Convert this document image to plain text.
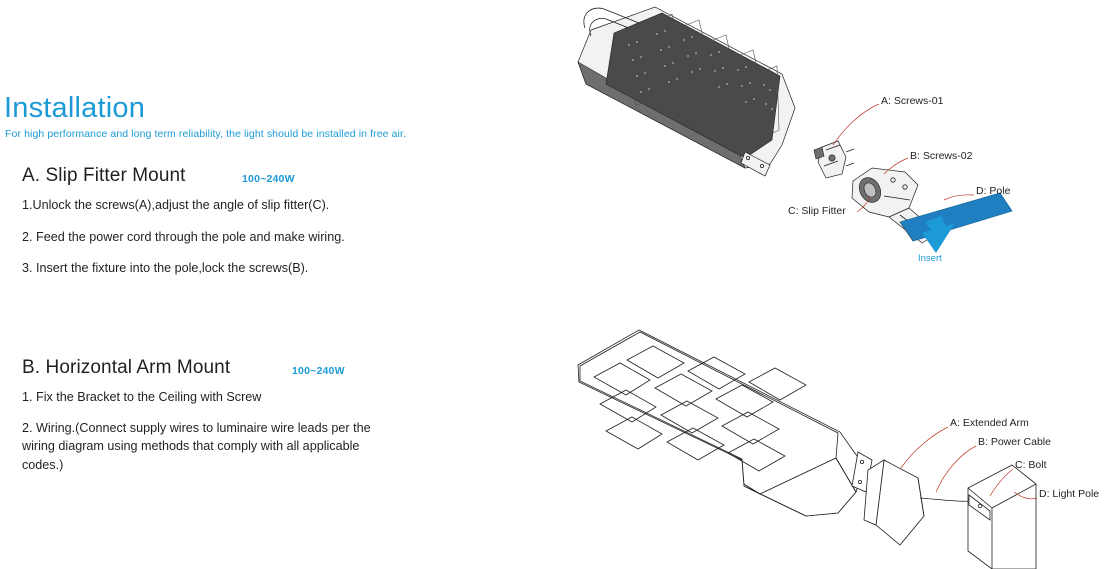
Installation
For high performance and long term reliability, the light should be installed in free air.
A. Slip Fitter Mount	100~240W
1.Unlock the screws(A),adjust the angle of slip fitter(C).
2. Feed the power cord through the pole and make wiring.
3. Insert the fixture into the pole,lock the screws(B).
B. Horizontal Arm Mount	100~240W
1. Fix the Bracket to the Ceiling with Screw
2. Wiring.(Connect supply wires to luminaire wire leads per the wiring diagram using methods that comply with all applicable codes.)
A: Screws-01
B: Screws-02
C: Slip Fitter
D: Pole
Insert
A: Extended Arm
B: Power Cable
C: Bolt
D: Light Pole
